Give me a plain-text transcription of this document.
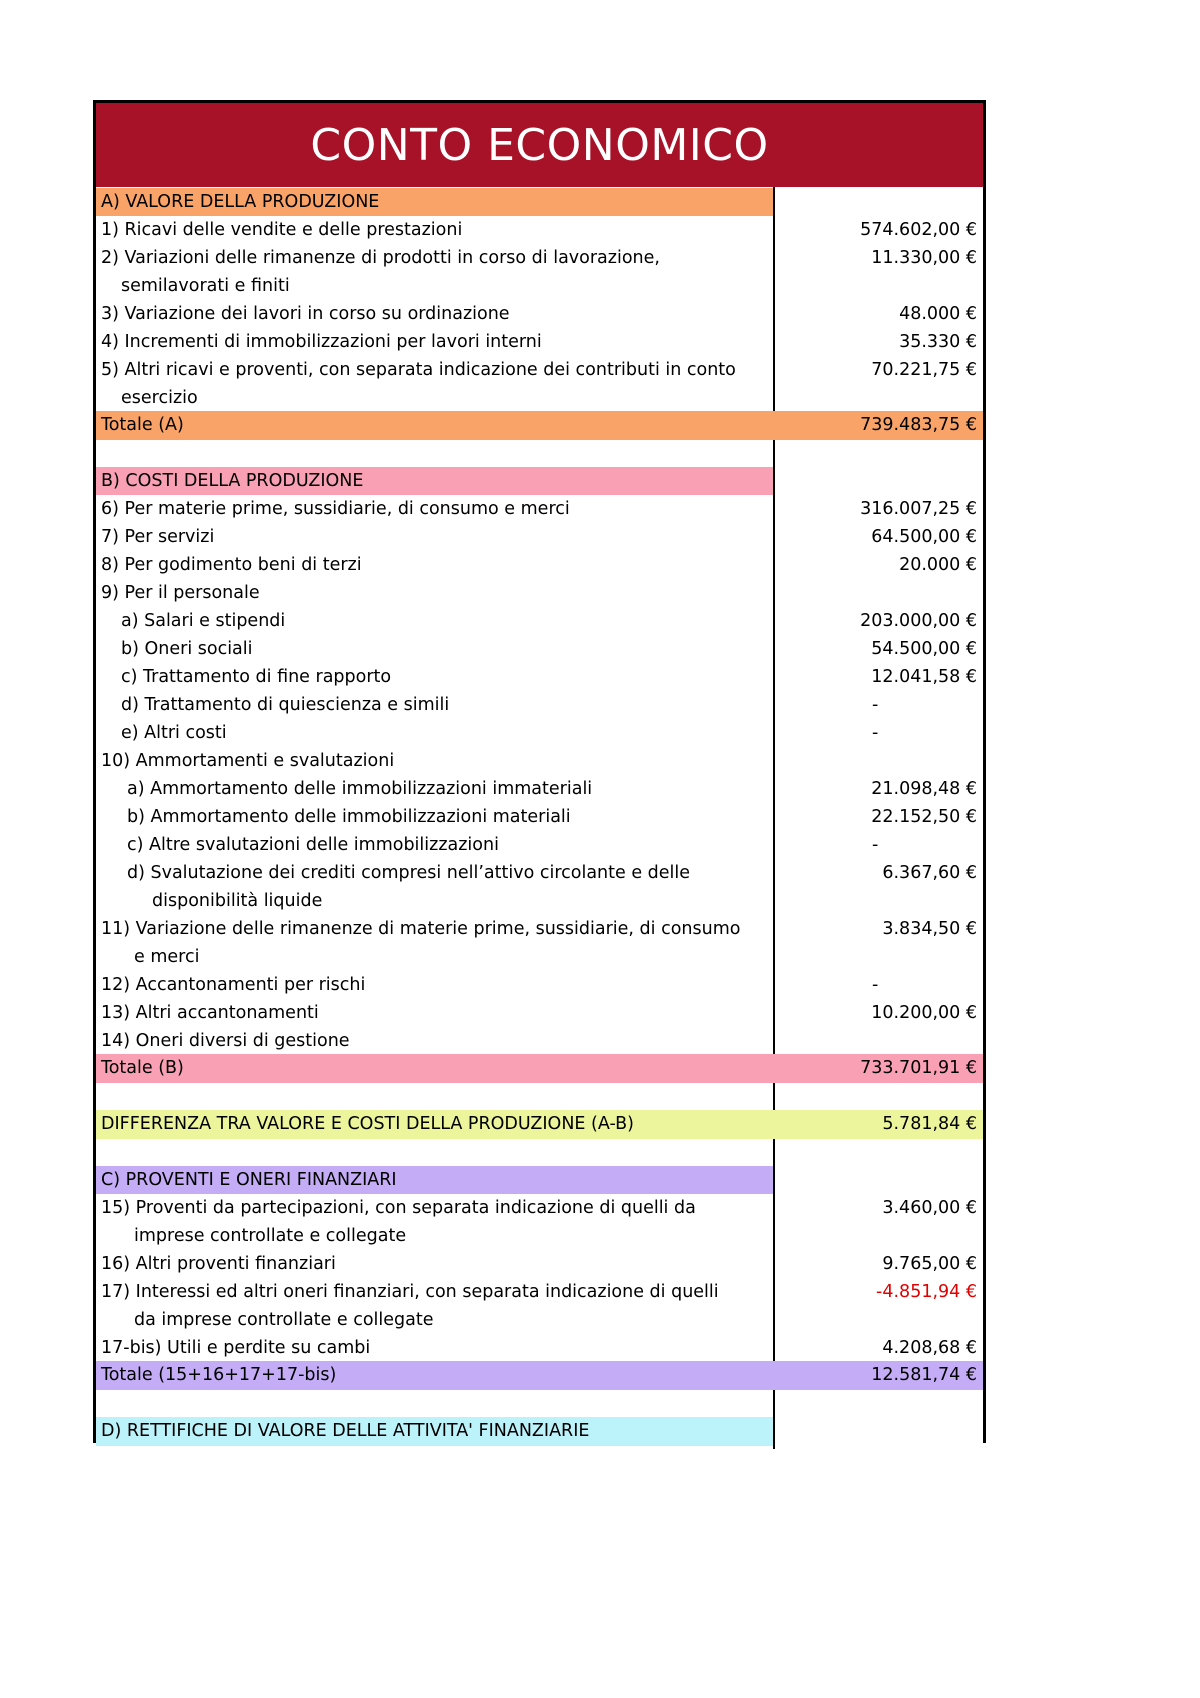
CONTO ECONOMICO
A) VALORE DELLA PRODUZIONE
1) Ricavi delle vendite e delle prestazioni	574.602,00 €
2) Variazioni delle rimanenze di prodotti in corso di lavorazione,	11.330,00 €
semilavorati e finiti
3) Variazione dei lavori in corso su ordinazione	48.000 €
4) Incrementi di immobilizzazioni per lavori interni	35.330 €
5) Altri ricavi e proventi, con separata indicazione dei contributi in conto	70.221,75 €
esercizio
Totale (A)	739.483,75 €
B) COSTI DELLA PRODUZIONE
6) Per materie prime, sussidiarie, di consumo e merci	316.007,25 €
7) Per servizi	64.500,00 €
8) Per godimento beni di terzi	20.000 €
9) Per il personale
a) Salari e stipendi	203.000,00 €
b) Oneri sociali	54.500,00 €
c) Trattamento di fine rapporto	12.041,58 €
d) Trattamento di quiescienza e simili	-
e) Altri costi	-
10) Ammortamenti e svalutazioni
a) Ammortamento delle immobilizzazioni immateriali	21.098,48 €
b) Ammortamento delle immobilizzazioni materiali	22.152,50 €
c) Altre svalutazioni delle immobilizzazioni	-
d) Svalutazione dei crediti compresi nell’attivo circolante e delle	6.367,60 €
disponibilità liquide
11) Variazione delle rimanenze di materie prime, sussidiarie, di consumo	3.834,50 €
e merci
12) Accantonamenti per rischi	-
13) Altri accantonamenti	10.200,00 €
14) Oneri diversi di gestione
Totale (B)	733.701,91 €
DIFFERENZA TRA VALORE E COSTI DELLA PRODUZIONE (A-B)	5.781,84 €
C) PROVENTI E ONERI FINANZIARI
15) Proventi da partecipazioni, con separata indicazione di quelli da	3.460,00 €
imprese controllate e collegate
16) Altri proventi finanziari	9.765,00 €
17) Interessi ed altri oneri finanziari, con separata indicazione di quelli	-4.851,94 €
da imprese controllate e collegate
17-bis) Utili e perdite su cambi	4.208,68 €
Totale (15+16+17+17-bis)	12.581,74 €
D) RETTIFICHE DI VALORE DELLE ATTIVITA' FINANZIARIE
